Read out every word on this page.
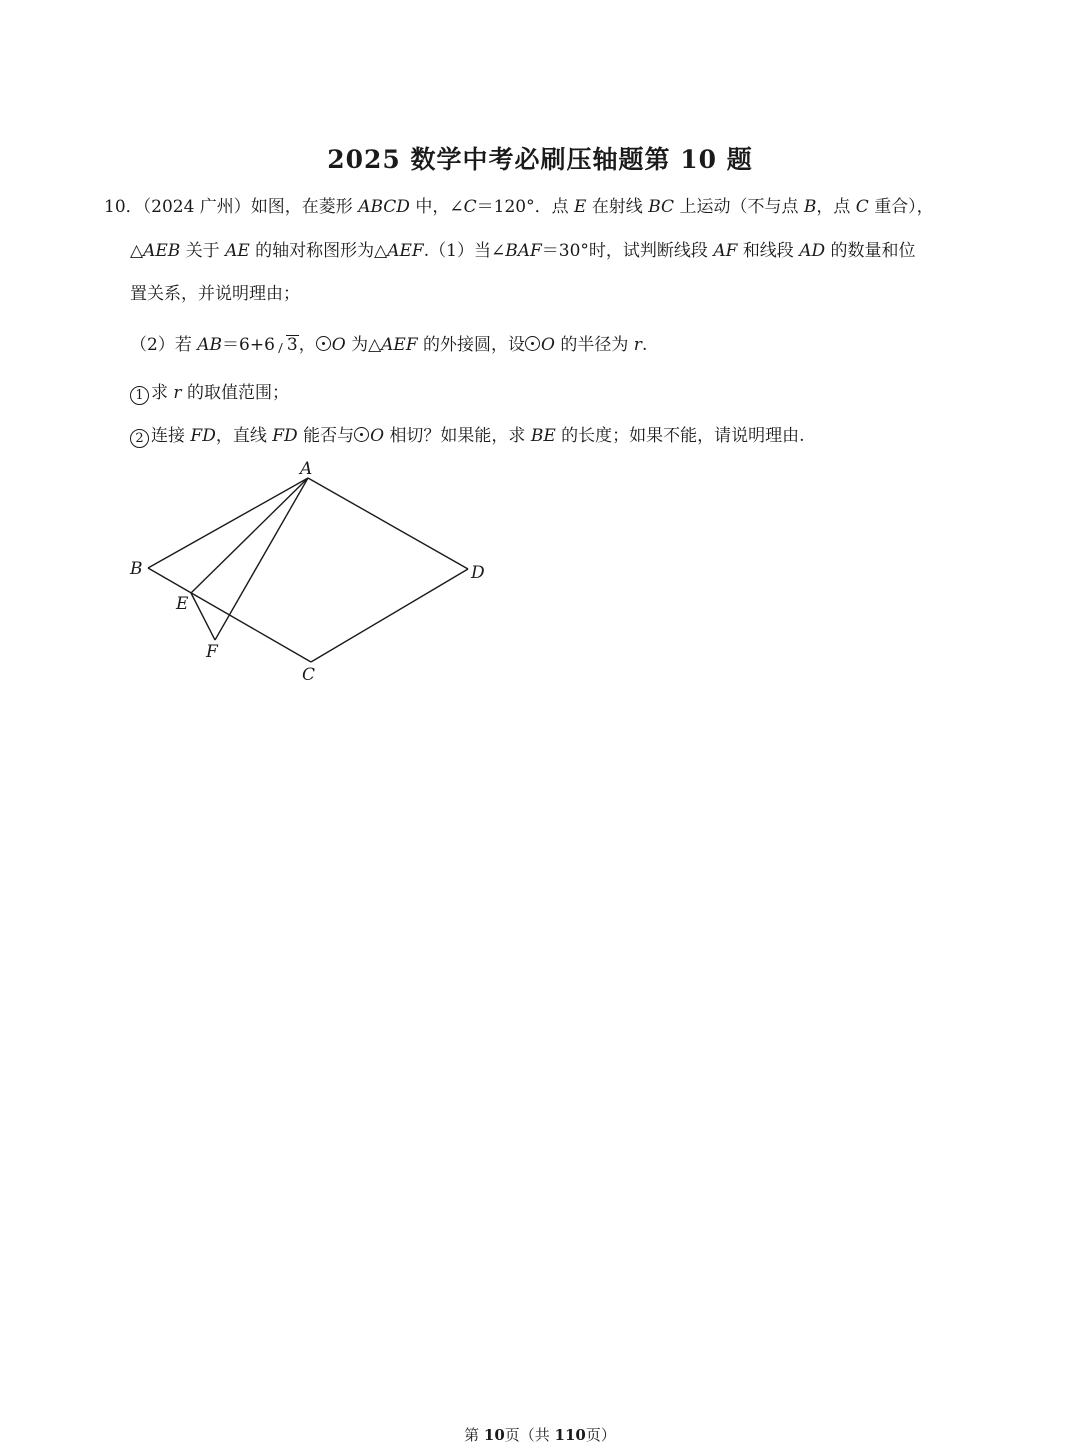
2025 数学中考必刷压轴题第 10 题
10．（2024 广州）如图，在菱形 ABCD 中，∠C＝120°．点 E 在射线 BC 上运动（不与点 B，点 C 重合），
△AEB 关于 AE 的轴对称图形为△AEF.（1）当∠BAF＝30°时，试判断线段 AF 和线段 AD 的数量和位
置关系，并说明理由；
（2）若 AB＝6+6 3， O 为△AEF 的外接圆，设 O 的半径为 r.
1 求 r 的取值范围；
2 连接 FD，直线 FD 能否与 O 相切？如果能，求 BE 的长度；如果不能，请说明理由.
A
B
C
D
E
F
第 10页（共 110页）
